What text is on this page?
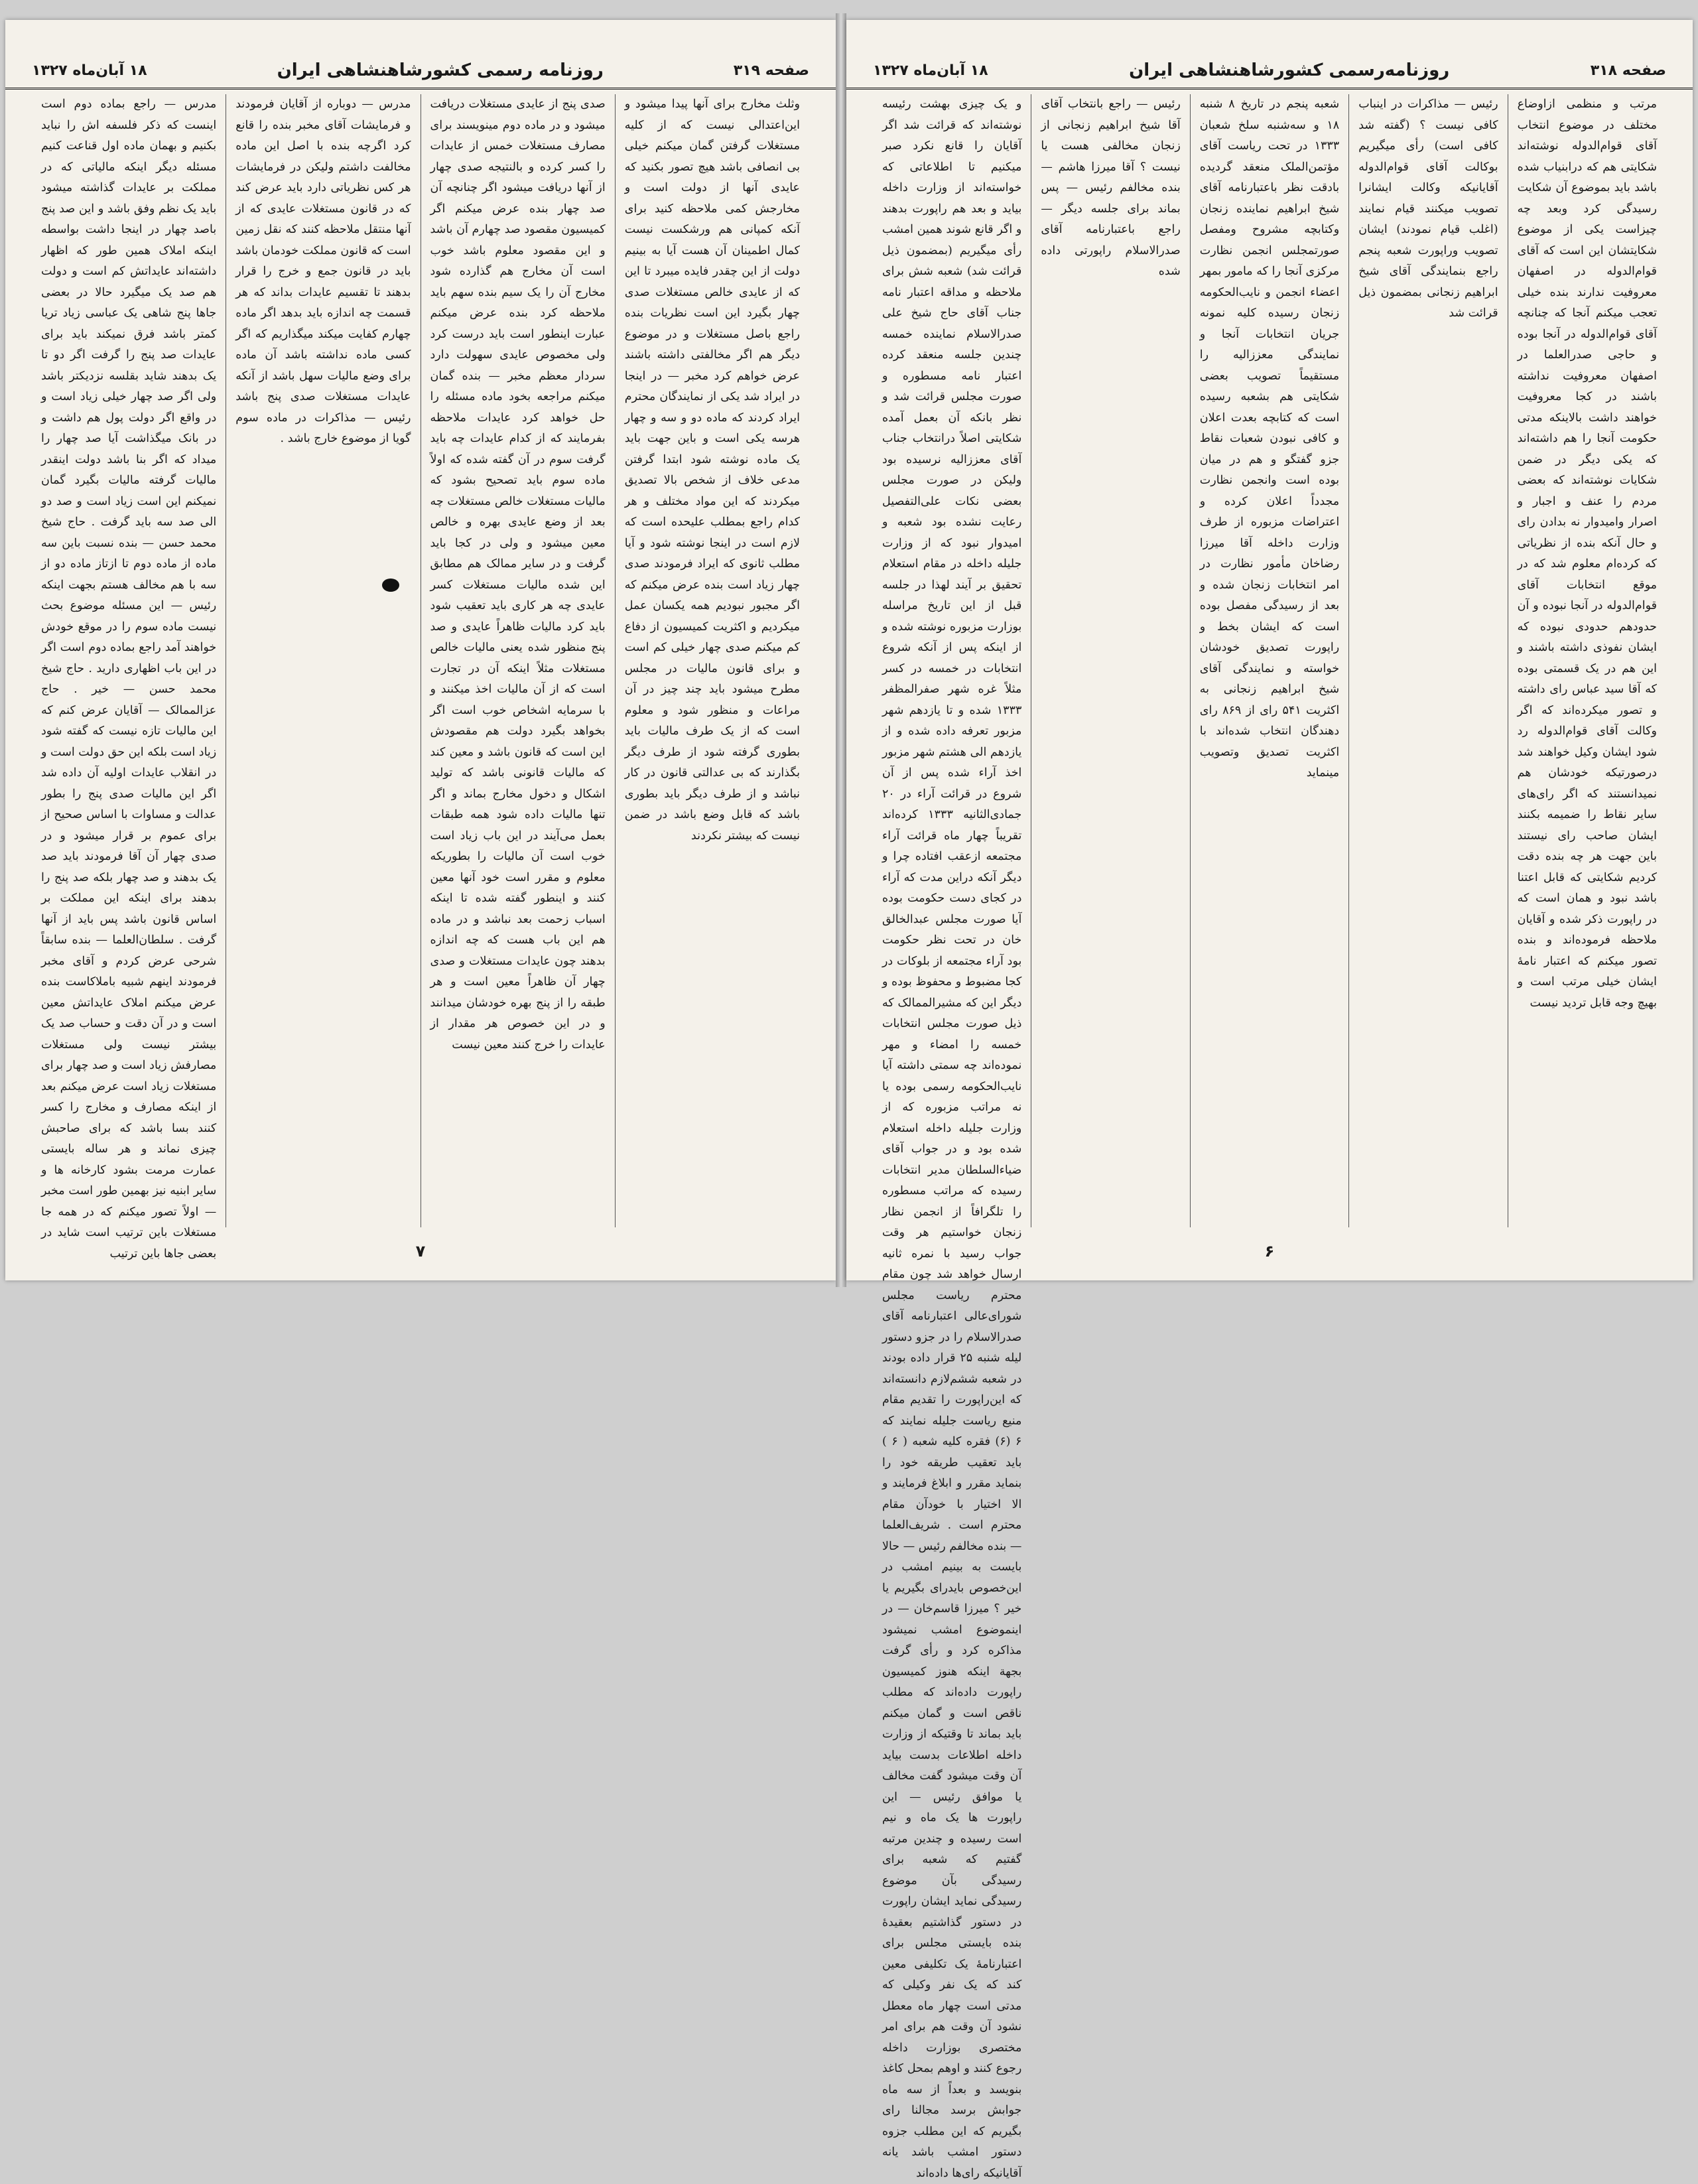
صفحه ۳۱۹
روزنامه رسمی کشورشاهنشاهی ایران
۱۸ آبان‌ماه ۱۳۲۷
وثلث مخارج برای آنها پیدا میشود و این‌اعتدالی نیست که از کلیه مستغلات گرفتن گمان میکنم خیلی بی انصافی باشد هیچ تصور بکنید که عایدی آنها از دولت است و مخارجش کمی ملاحظه کنید برای آنکه کمپانی هم ورشکست نیست کمال اطمینان آن هست آیا به بینیم دولت از این چقدر فایده میبرد تا این که از عایدی خالص مستغلات صدی چهار بگیرد این است نظریات بنده راجع باصل مستغلات و در موضوع دیگر هم اگر مخالفتی داشته باشند عرض خواهم کرد مخبر — در اینجا در ایراد شد یکی از نمایندگان محترم ایراد کردند که ماده دو و سه و چهار هرسه یکی است و باین جهت باید یک ماده نوشته شود ابتدا گرفتن مدعی خلاف از شخص بالا تصدیق میکردند که این مواد مختلف و هر کدام راجع بمطلب علیحده است که لازم است در اینجا نوشته شود و آیا مطلب ثانوی که ایراد فرمودند صدی چهار زیاد است بنده عرض میکنم که اگر مجبور نبودیم همه یکسان عمل میکردیم و اکثریت کمیسیون از دفاع کم میکنم صدی چهار خیلی کم است و برای قانون مالیات در مجلس مطرح میشود باید چند چیز در آن مراعات و منظور شود و معلوم است که از یک طرف مالیات باید بطوری گرفته شود از طرف دیگر بگذارند که بی عدالتی قانون در کار نباشد و از طرف دیگر باید بطوری باشد که قابل وضع باشد در ضمن نیست که بیشتر نکردند
صدی پنج از عایدی مستغلات دریافت میشود و در ماده دوم مینویسند برای مصارف مستغلات خمس از عایدات را کسر کرده و بالنتیجه صدی چهار از آنها دریافت میشود اگر چنانچه آن صد چهار بنده عرض میکنم اگر کمیسیون مقصود صد چهارم آن باشد و این مقصود معلوم باشد خوب است آن مخارج هم گذارده شود مخارج آن را یک سیم بنده سهم باید ملاحظه کرد بنده عرض میکنم عبارت اینطور است باید درست کرد ولی مخصوص عایدی سهولت دارد سردار معظم مخبر — بنده گمان میکنم مراجعه بخود ماده مسئله را حل خواهد کرد عایدات ملاحظه بفرمایند که از کدام عایدات چه باید گرفت سوم در آن گفته شده که اولاً ماده سوم باید تصحیح بشود که مالیات مستغلات خالص مستغلات چه بعد از وضع عایدی بهره و خالص معین میشود و ولی در کجا باید گرفت و در سایر ممالک هم مطابق این شده مالیات مستغلات کسر عایدی چه هر کاری باید تعقیب شود باید کرد مالیات ظاهراً عایدی و صد پنج منظور شده یعنی مالیات خالص مستغلات مثلاً اینکه آن در تجارت است که از آن مالیات اخذ میکنند و با سرمایه اشخاص خوب است اگر بخواهد بگیرد دولت هم مقصودش این است که قانون باشد و معین کند که مالیات قانونی باشد که تولید اشکال و دخول مخارج بماند و اگر تنها مالیات داده شود همه طبقات بعمل می‌آیند در این باب زیاد است خوب است آن مالیات را بطوریکه معلوم و مقرر است خود آنها معین کنند و اینطور گفته شده تا اینکه اسباب زحمت بعد نباشد و در ماده هم این باب هست که چه اندازه بدهند چون عایدات مستغلات و صدی چهار آن ظاهراً معین است و هر طبقه را از پنج بهره خودشان میدانند و در این خصوص هر مقدار از عایدات را خرج کنند معین نیست
مدرس — دوباره از آقایان فرمودند و فرمایشات آقای مخبر بنده را قانع کرد اگرچه بنده با اصل این ماده مخالفت داشتم ولیکن در فرمایشات هر کس نظریاتی دارد باید عرض کند که در قانون مستغلات عایدی که از آنها منتقل ملاحظه کنند که نقل زمین است که قانون مملکت خودمان باشد باید در قانون جمع و خرج را قرار بدهند تا تقسیم عایدات بداند که هر قسمت چه اندازه باید بدهد اگر ماده چهارم کفایت میکند میگذاریم که اگر کسی ماده نداشته باشد آن ماده برای وضع مالیات سهل باشد از آنکه عایدات مستغلات صدی پنج باشد رئیس — مذاکرات در ماده سوم گویا از موضوع خارج باشد .
مدرس — راجع بماده دوم است اینست که ذکر فلسفه اش را نباید بکنیم و بهمان ماده اول قناعت کنیم مسئله دیگر اینکه مالیاتی که در مملکت بر عایدات گذاشته میشود باید یک نظم وفق باشد و این صد پنج باصد چهار در اینجا داشت بواسطه اینکه املاک همین طور که اظهار داشته‌اند عایداتش کم است و دولت هم صد یک میگیرد حالا در بعضی جاها پنج شاهی یک عباسی زیاد تریا کمتر باشد فرق نمیکند باید برای عایدات صد پنج را گرفت اگر دو تا یک بدهند شاید بقلسه نزدیکتر باشد ولی اگر صد چهار خیلی زیاد است و در واقع اگر دولت پول هم داشت و در بانک میگذاشت آیا صد چهار را میداد که اگر بنا باشد دولت اینقدر مالیات گرفته مالیات بگیرد گمان نمیکنم این است زیاد است و صد دو الی صد سه باید گرفت . حاج شیخ محمد حسن — بنده نسبت باین سه ماده از ماده دوم تا ازتاز ماده دو از سه با هم مخالف هستم بجهت اینکه رئیس — این مسئله موضوع بحث نیست ماده سوم را در موقع خودش خواهند آمد راجع بماده دوم است اگر در این باب اظهاری دارید . حاج شیخ محمد حسن — خیر . حاج عزالممالک — آقایان عرض کنم که این مالیات تازه نیست که گفته شود زیاد است بلکه این حق دولت است و در انقلاب عایدات اولیه آن داده شد اگر این مالیات صدی پنج را بطور عدالت و مساوات با اساس صحیح از برای عموم بر قرار میشود و در صدی چهار آن آقا فرمودند باید صد یک بدهند و صد چهار بلکه صد پنج را بدهند برای اینکه این مملکت بر اساس قانون باشد پس باید از آنها گرفت . سلطان‌العلما — بنده سابقاً شرحی عرض کردم و آقای مخبر فرمودند اینهم شبیه باملاکاست بنده عرض میکنم املاک عایداتش معین است و در آن دقت و حساب صد یک بیشتر نیست ولی مستغلات مصارفش زیاد است و صد چهار برای مستغلات زیاد است عرض میکنم بعد از اینکه مصارف و مخارج را کسر کنند بسا باشد که برای صاحبش چیزی نماند و هر ساله بایستی عمارت مرمت بشود کارخانه ها و سایر ابنیه نیز بهمین طور است مخبر — اولاً تصور میکنم که در همه جا مستغلات باین ترتیب است شاید در بعضی جاها باین ترتیب	۷
صفحه ۳۱۸
روزنامه‌رسمی کشورشاهنشاهی ایران
۱۸ آبان‌ماه ۱۳۲۷
مرتب و منظمی ازاوضاع مختلف در موضوع انتخاب آقای قوام‌الدوله نوشته‌اند شکایتی هم که درابنیاب شده باشد باید بموضوع آن شکایت رسیدگی کرد وبعد چه چیزاست یکی از موضوع شکایتشان این است که آقای قوام‌الدوله در اصفهان معروفیت ندارند بنده خیلی تعجب میکنم آنجا که چنانچه آقای قوام‌الدوله در آنجا بوده و حاجی صدرالعلما در اصفهان معروفیت نداشته باشند در کجا معروفیت خواهند داشت بالاینکه مدتی حکومت آنجا را هم داشته‌اند که یکی دیگر در ضمن شکایات نوشته‌اند که بعضی مردم را عنف و اجبار و اصرار وامیدوار نه بدادن رای و حال آنکه بنده از نظریاتی که کرده‌ام معلوم شد که در موقع انتخابات آقای قوام‌الدوله در آنجا نبوده و آن حدودهم حدودی نبوده که ایشان نفوذی داشته باشند و این هم در یک قسمتی بوده که آقا سید عباس رای داشته و تصور میکرده‌اند که اگر وکالت آقای قوام‌الدوله رد شود ایشان وکیل خواهند شد درصورتیکه خودشان هم نمیدانستند که اگر رای‌های سایر نقاط را ضمیمه بکنند ایشان صاحب رای نیستند باین جهت هر چه بنده دقت کردیم شکایتی که قابل اعتنا باشد نبود و همان است که در راپورت ذکر شده و آقایان ملاحظه فرموده‌اند و بنده تصور میکنم که اعتبار نامهٔ ایشان خیلی مرتب است و بهیچ وجه قابل تردید نیست
رئیس — مذاکرات در اینباب کافی نیست ؟ (گفته شد کافی است) رأی میگیریم بوکالت آقای قوام‌الدوله آقایانیکه وکالت ایشانرا تصویب میکنند قیام نمایند (اغلب قیام نمودند) ایشان تصویب وراپورت شعبه پنجم راجع بنمایندگی آقای شیخ ابراهیم زنجانی بمضمون ذیل قرائت شد
شعبه پنجم در تاریخ ۸ شنبه ۱۸ و سه‌شنبه سلخ شعبان ۱۳۳۳ در تحت ریاست آقای مؤتمن‌الملک منعقد گردیده بادقت نظر باعتبارنامه آقای شیخ ابراهیم نماینده زنجان وکتابچه مشروح ومفصل صورتمجلس انجمن نظارت مرکزی آنجا را که مامور بمهر اعضاء انجمن و نایب‌الحکومه زنجان رسیده کلیه نمونه جریان انتخابات آنجا و نمایندگی معززالیه را مستقیماً تصویب بعضی شکایتی هم بشعبه رسیده است که کتابچه بعدت اعلان و کافی نبودن شعبات نقاط جزو گفتگو و هم در میان بوده است وانجمن نظارت مجدداً اعلان کرده و اعتراضات مزبوره از طرف وزارت داخله آقا میرزا رضاخان مأمور نظارت در امر انتخابات زنجان شده و بعد از رسیدگی مفصل بوده است که ایشان بخط و راپورت تصدیق خودشان خواسته و نمایندگی آقای شیخ ابراهیم زنجانی به اکثریت ۵۴۱ رای از ۸۶۹ رای دهندگان انتخاب شده‌اند با اکثریت تصدیق وتصویب مینماید
رئیس — راجع بانتخاب آقای آقا شیخ ابراهیم زنجانی از زنجان مخالفی هست یا نیست ؟ آقا میرزا هاشم — بنده مخالفم رئیس — پس بماند برای جلسه دیگر — راجع باعتبارنامه آقای صدرالاسلام راپورتی داده شده
و یک چیزی بهشت رئیسه نوشته‌اند که قرائت شد اگر آقایان را قانع نکرد صبر میکنیم تا اطلاعاتی که خواسته‌اند از وزارت داخله بیاید و بعد هم راپورت بدهند و اگر قانع شوند همین امشب رأی میگیریم (بمضمون ذیل قرائت شد) شعبه شش برای ملاحظه و مداقه اعتبار نامه جناب آقای حاج شیخ علی صدرالاسلام نماینده خمسه چندین جلسه منعقد کرده اعتبار نامه مسطوره و صورت مجلس قرائت شد و نظر بانکه آن بعمل آمده شکایتی اصلاً درانتخاب جناب آقای معززالیه نرسیده بود ولیکن در صورت مجلس بعضی نکات علی‌التفصیل رعایت نشده بود شعبه و امیدوار نبود که از وزارت جلیله داخله در مقام استعلام تحقیق بر آیند لهذا در جلسه قبل از این تاریخ مراسله بوزارت مزبوره نوشته شده و از اینکه پس از آنکه شروع انتخابات در خمسه در کسر مثلاً غره شهر صفرالمظفر ۱۳۳۳ شده و تا یازدهم شهر مزبور تعرفه داده شده و از یازدهم الی هشتم شهر مزبور اخذ آراء شده پس از آن شروع در قرائت آراء در ۲۰ جمادی‌الثانیه ۱۳۳۳ کرده‌اند تقریباً چهار ماه قرائت آراء مجتمعه ازعقب افتاده چرا و دیگر آنکه دراین مدت که آراء در کجای دست حکومت بوده آیا صورت مجلس عبدالخالق خان در تحت نظر حکومت بود آراء مجتمعه از بلوکات در کجا مضبوط و محفوظ بوده و دیگر این که مشیرالممالک که ذیل صورت مجلس انتخابات خمسه را امضاء و مهر نموده‌اند چه سمتی داشته آیا نایب‌الحکومه رسمی بوده یا نه مراتب مزبوره که از وزارت جلیله داخله استعلام شده بود و در جواب آقای ضیاءالسلطان مدیر انتخابات رسیده که مراتب مسطوره را تلگرافاً از انجمن نظار زنجان خواستیم هر وقت جواب رسید با نمره ثانیه ارسال خواهد شد چون مقام محترم ریاست مجلس شورای‌عالی اعتبارنامه آقای صدرالاسلام را در جزو دستور لیله شنبه ۲۵ قرار داده بودند در شعبه ششم‌لازم دانسته‌اند که این‌راپورت را تقدیم مقام منیع ریاست جلیله نمایند که ۶ (۶) فقره کلیه شعبه ( ۶ ) باید تعقیب طریقه خود را بنماید مقرر و ابلاغ فرمایند و الا اختیار با خودآن مقام محترم است . شریف‌العلما — بنده مخالفم رئیس — حالا بایست به بینیم امشب در این‌خصوص بایدرای بگیریم یا خیر ؟ میرزا قاسم‌خان — در اینموضوع امشب نمیشود مذاکره کرد و رأی گرفت بجهة اینکه هنوز کمیسیون راپورت داده‌اند که مطلب ناقص است و گمان میکنم باید بماند تا وقتیکه از وزارت داخله اطلاعات بدست بیاید آن وقت میشود گفت مخالف یا موافق رئیس — این راپورت ها یک ماه و نیم است رسیده و چندین مرتبه گفتیم که شعبه برای رسیدگی بآن موضوع رسیدگی نماید ایشان راپورت در دستور گذاشتیم بعقیدهٔ بنده بایستی مجلس برای اعتبارنامهٔ یک تکلیفی معین کند که یک نفر وکیلی که مدتی است چهار ماه معطل نشود آن وقت هم برای امر مختصری بوزارت داخله رجوع کنند و اوهم بمحل کاغذ بنویسد و بعداً از سه ماه جوابش برسد مجالنا رای بگیریم که این مطلب جزوه دستور امشب باشد یانه آقایانیکه رای‌ها داده‌اند
۶
